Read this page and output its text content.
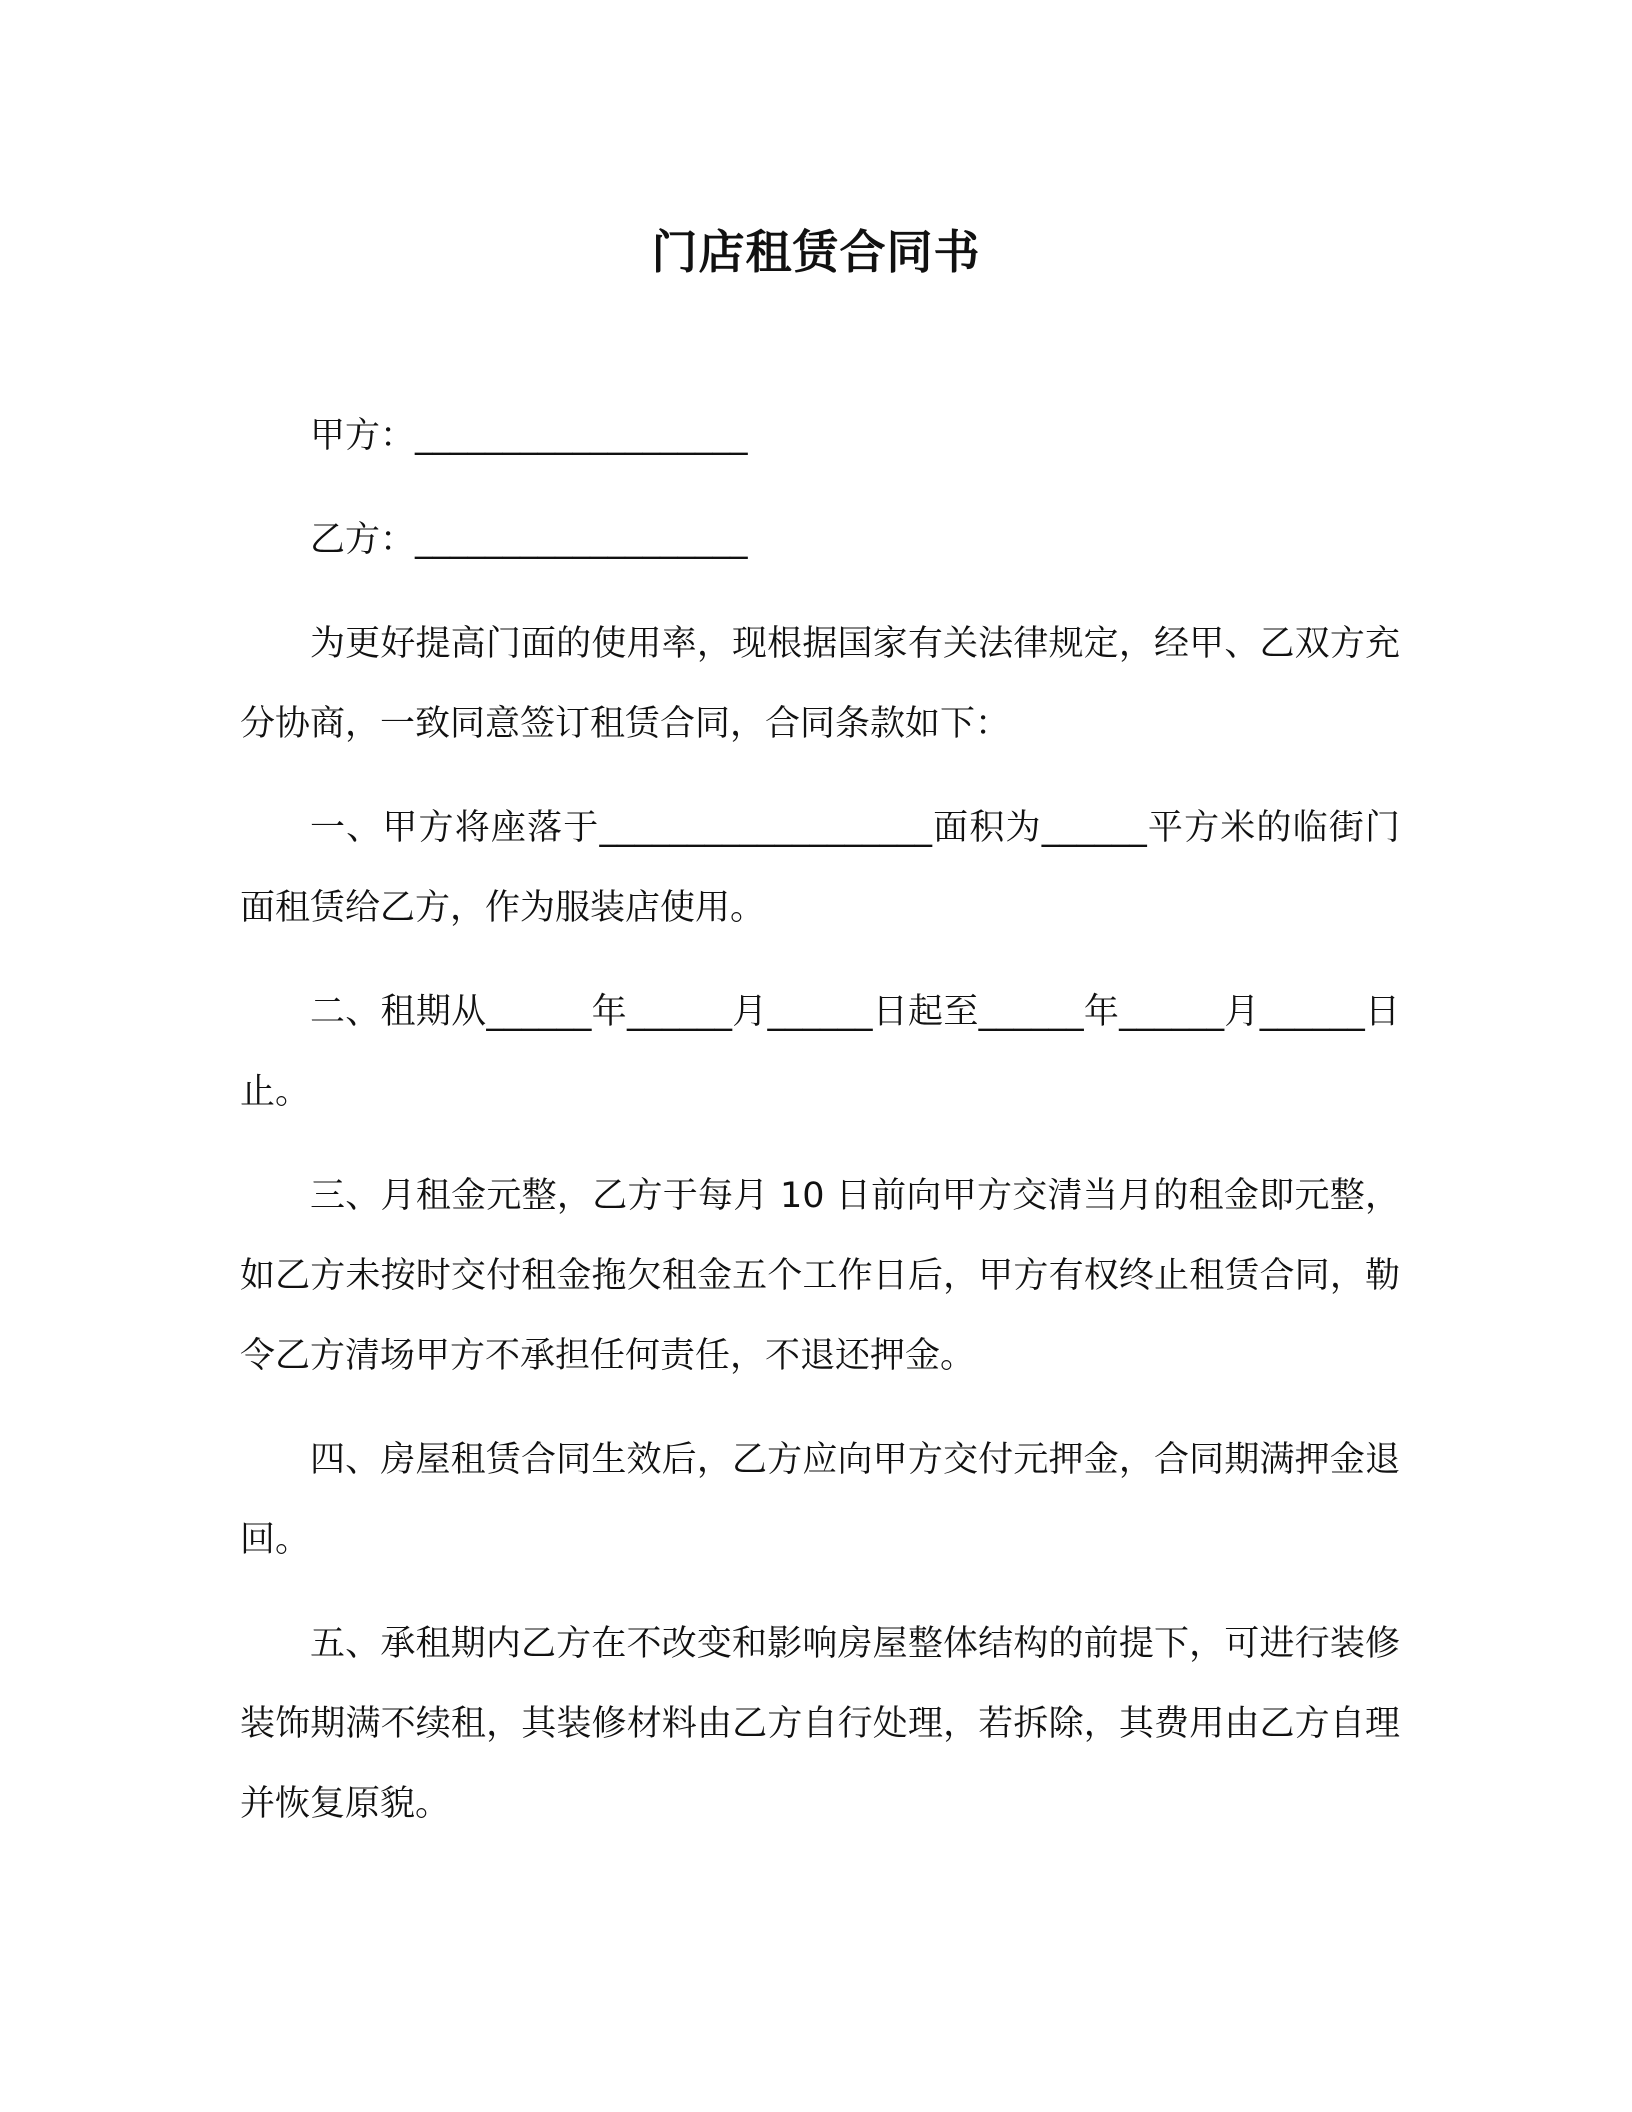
门店租赁合同书

甲方：___________________

乙方：___________________

为更好提高门面的使用率，现根据国家有关法律规定，经甲、乙双方充分协商，一致同意签订租赁合同，合同条款如下：

一、甲方将座落于___________________面积为______平方米的临街门面租赁给乙方，作为服装店使用。

二、租期从______年______月______日起至______年______月______日止。

三、月租金元整，乙方于每月 10 日前向甲方交清当月的租金即元整，如乙方未按时交付租金拖欠租金五个工作日后，甲方有权终止租赁合同，勒令乙方清场甲方不承担任何责任，不退还押金。

四、房屋租赁合同生效后，乙方应向甲方交付元押金，合同期满押金退回。

五、承租期内乙方在不改变和影响房屋整体结构的前提下，可进行装修装饰期满不续租，其装修材料由乙方自行处理，若拆除，其费用由乙方自理并恢复原貌。
